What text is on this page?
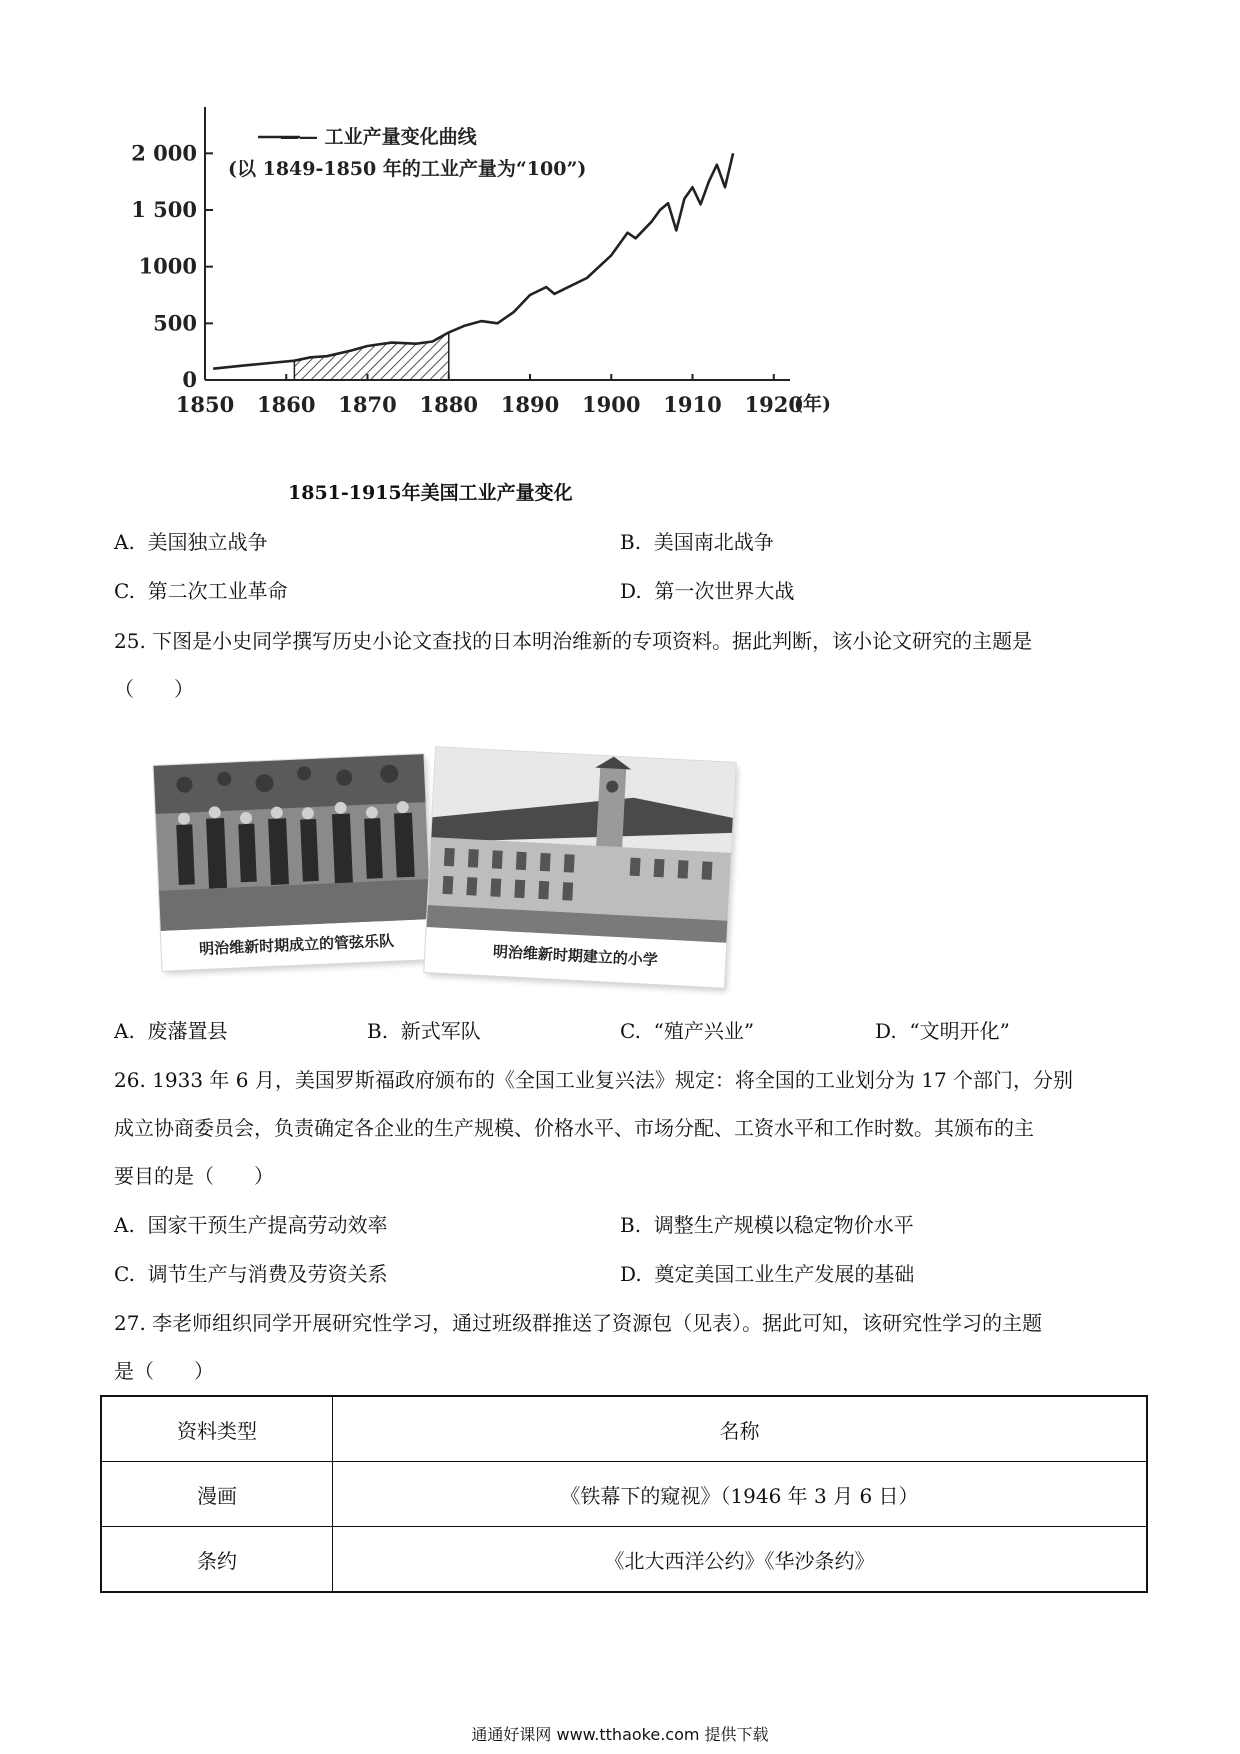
0
500
1000
1 500
2 000
1850 1860 1870 1880 1890 1900 1910 1920
(年)
—— 工业产量变化曲线
(以 1849-1850 年的工业产量为“100”)
1851-1915年美国工业产量变化
A. 美国独立战争	B. 美国南北战争
C. 第二次工业革命	D. 第一次世界大战
25. 下图是小史同学撰写历史小论文查找的日本明治维新的专项资料。据此判断，该小论文研究的主题是
（　　）
明治维新时期成立的管弦乐队	明治维新时期建立的小学
A. 废藩置县	B. 新式军队	C. “殖产兴业”	D. “文明开化”
26. 1933 年 6 月，美国罗斯福政府颁布的《全国工业复兴法》规定：将全国的工业划分为 17 个部门，分别
成立协商委员会，负责确定各企业的生产规模、价格水平、市场分配、工资水平和工作时数。其颁布的主
要目的是（　　）
A. 国家干预生产提高劳动效率	B. 调整生产规模以稳定物价水平
C. 调节生产与消费及劳资关系	D. 奠定美国工业生产发展的基础
27. 李老师组织同学开展研究性学习，通过班级群推送了资源包（见表）。据此可知，该研究性学习的主题
是（　　）
资料类型	名称
漫画	《铁幕下的窥视》（1946 年 3 月 6 日）
条约	《北大西洋公约》《华沙条约》
通通好课网 www.tthaoke.com 提供下载
